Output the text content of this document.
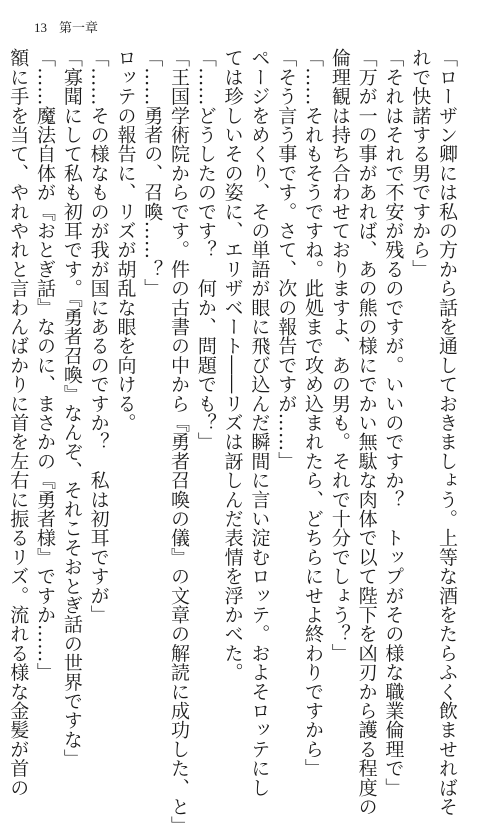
13 第一章

「ローザン卿には私の方から話を通しておきましょう。上等な酒をたらふく飲ませればそ

れで快諾する男ですから」

「それはそれで不安が残るのですが。いいのですか？　トップがその様な職業倫理で」

「万が一の事があれば、あの熊の様にでかい無駄な肉体で以て陛下を凶刃から護る程度の

倫理観は持ち合わせておりますよ、あの男も。それで十分でしょう？」

「……それもそうですね。此処まで攻め込まれたら、どちらにせよ終わりですから」

「そう言う事です。さて、次の報告ですが……」

ページをめくり、その単語が眼に飛び込んだ瞬間に言い淀むロッテ。およそロッテにし

ては珍しいその姿に、エリザベート――リズは訝しんだ表情を浮かべた。

「……どうしたのです？　何か、問題でも？」

「王国学術院からです。件の古書の中から『勇者召喚の儀』の文章の解読に成功した、と」

「……勇者の、召喚……？」

ロッテの報告に、リズが胡乱な眼を向ける。

「……その様なものが我が国にあるのですか？　私は初耳ですが」

「寡聞にして私も初耳です。『勇者召喚』なんぞ、それこそおとぎ話の世界ですな」

「……魔法自体が『おとぎ話』なのに、まさかの『勇者様』ですか……」

額に手を当て、やれやれと言わんばかりに首を左右に振るリズ。流れる様な金髪が首の
